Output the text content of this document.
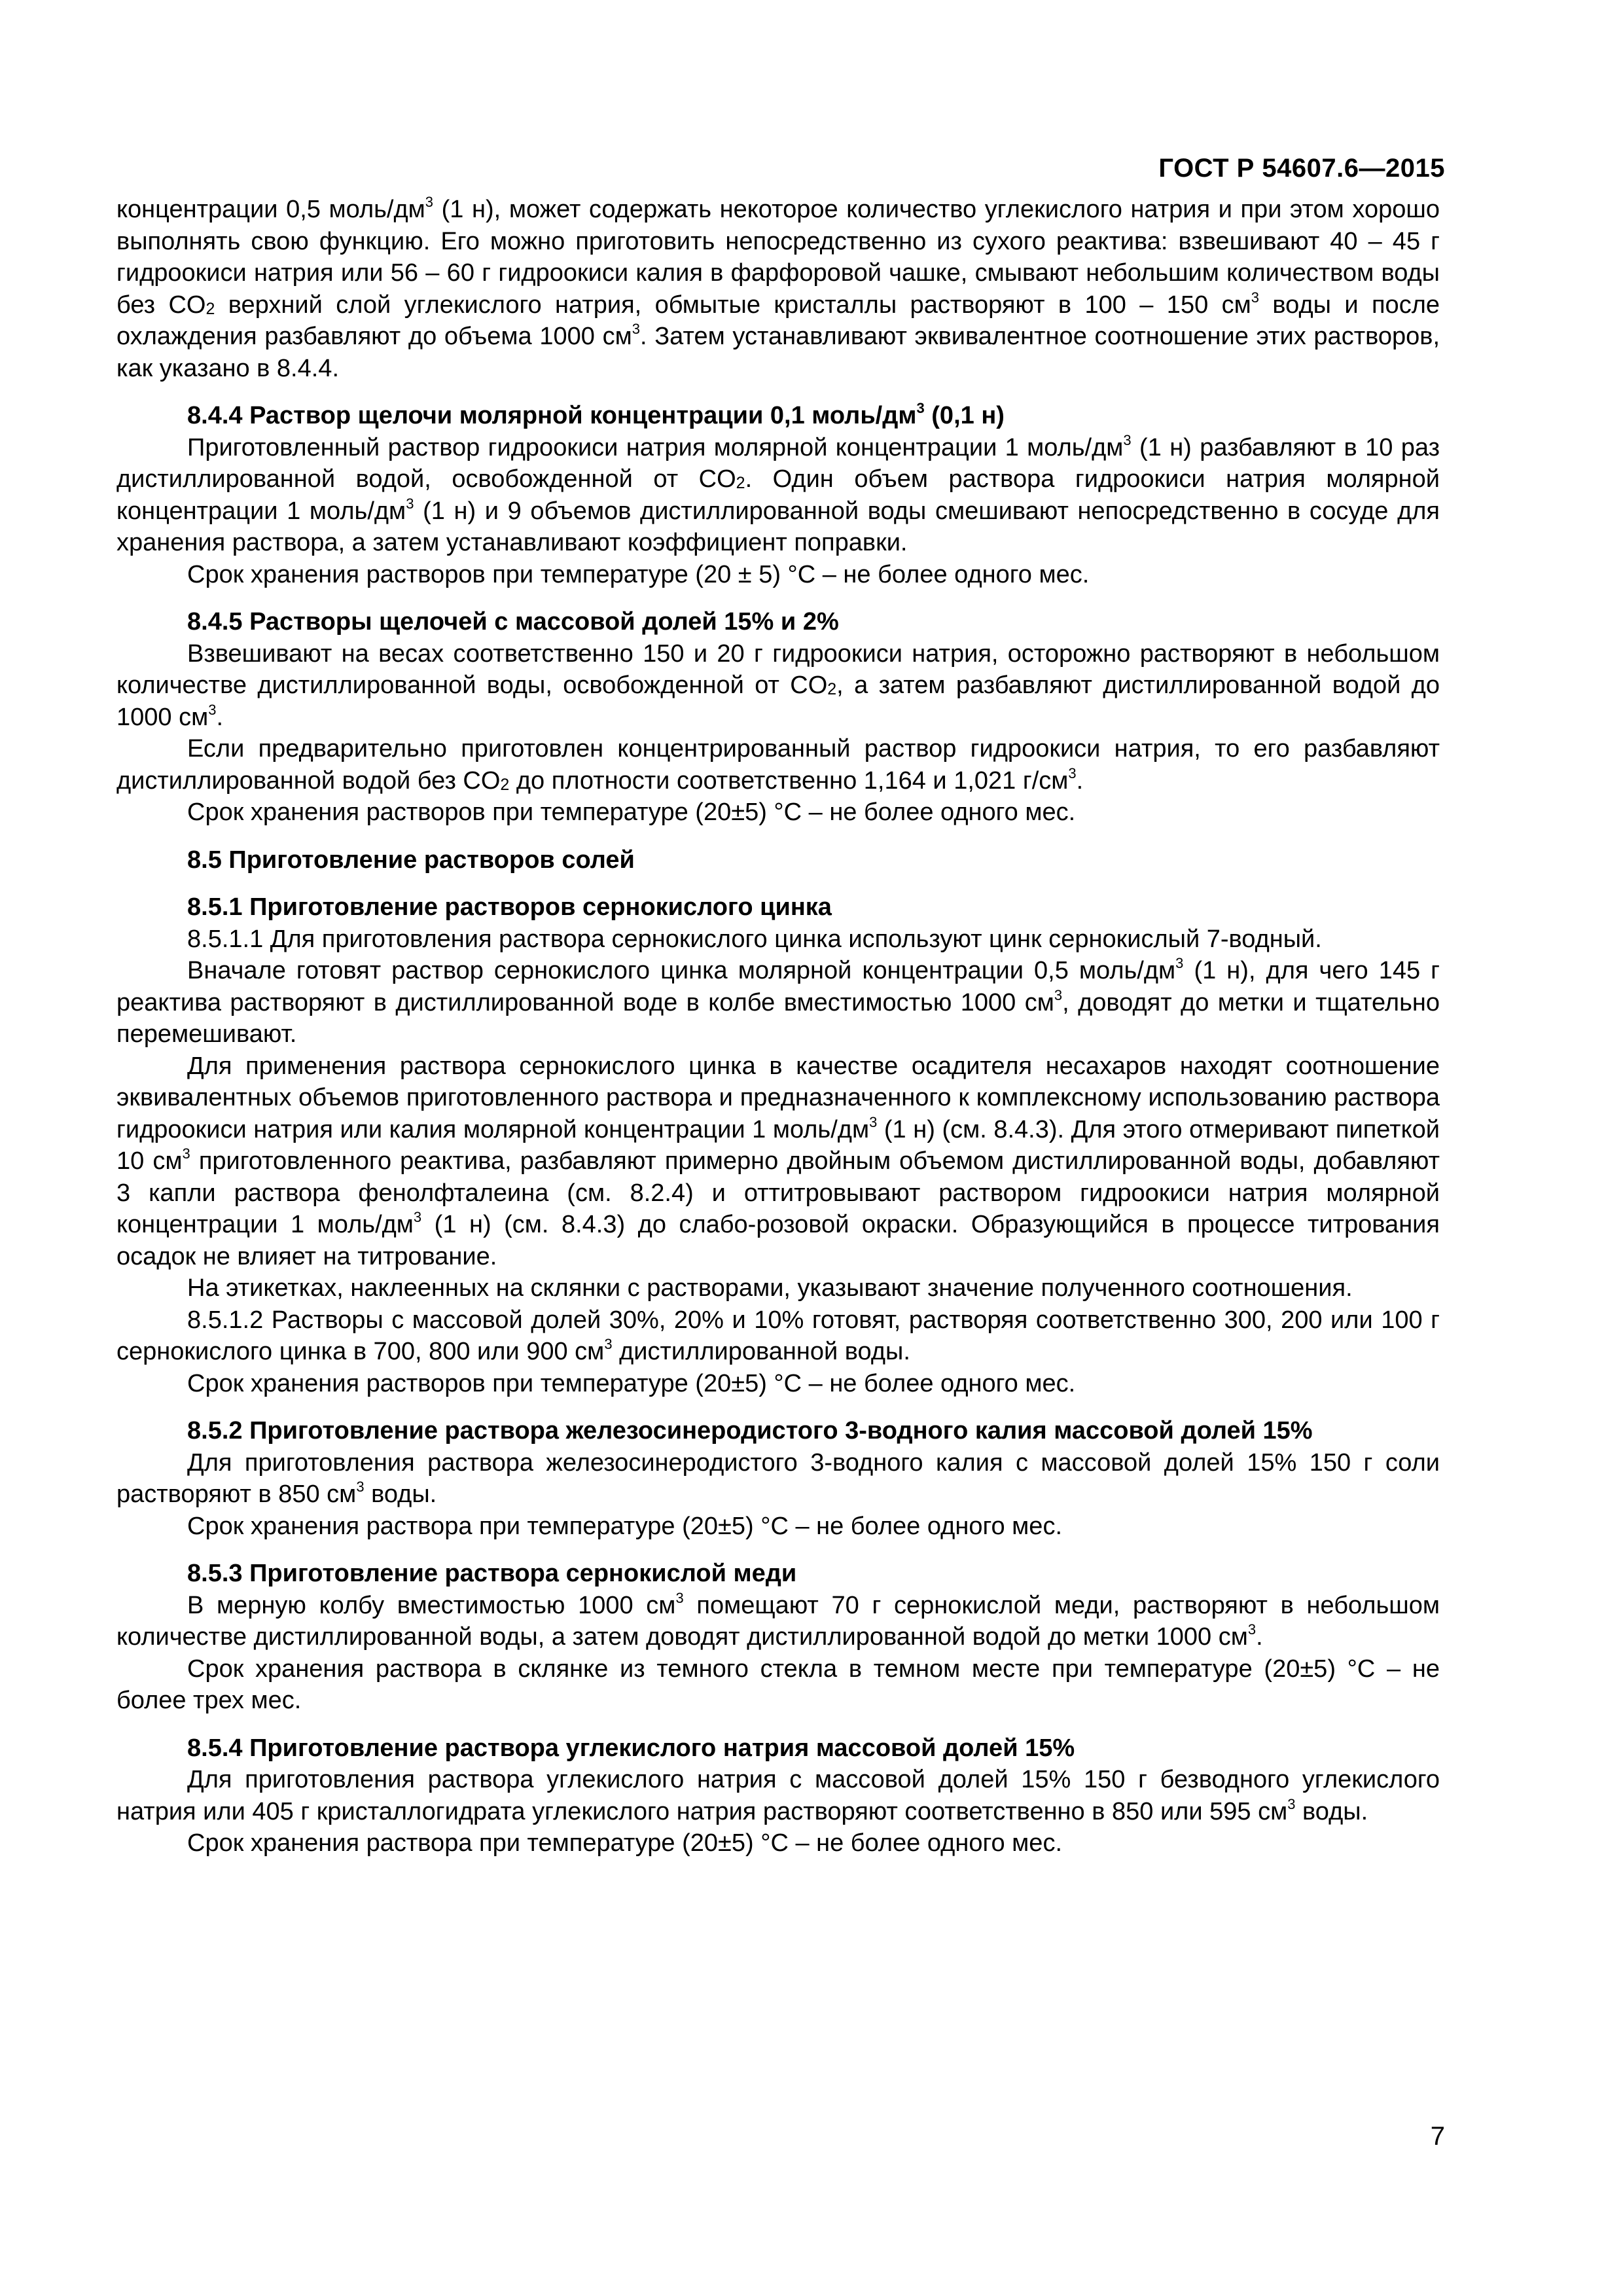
ГОСТ Р 54607.6—2015

концентрации 0,5 моль/$дм^3$ (1 н), может содержать некоторое количество углекислого натрия и при этом хорошо выполнять свою функцию. Его можно приготовить непосредственно из сухого реактива: взвешивают 40 – 45 г гидроокиси натрия или 56 – 60 г гидроокиси калия в фарфоровой чашке, смывают небольшим количеством воды без $CO_2$ верхний слой углекислого натрия, обмытые кристаллы растворяют в 100 – 150 $см^3$ воды и после охлаждения разбавляют до объема 1000 $см^3$. Затем устанавливают эквивалентное соотношение этих растворов, как указано в 8.4.4.

8.4.4 Раствор щелочи молярной концентрации 0,1 моль/$дм^3$ (0,1 н)

Приготовленный раствор гидроокиси натрия молярной концентрации 1 моль/$дм^3$ (1 н) разбавляют в 10 раз дистиллированной водой, освобожденной от $CO_2$. Один объем раствора гидроокиси натрия молярной концентрации 1 моль/$дм^3$ (1 н) и 9 объемов дистиллированной воды смешивают непосредственно в сосуде для хранения раствора, а затем устанавливают коэффициент поправки.

Срок хранения растворов при температуре (20 ± 5) °С – не более одного мес.

8.4.5 Растворы щелочей с массовой долей 15% и 2%

Взвешивают на весах соответственно 150 и 20 г гидроокиси натрия, осторожно растворяют в небольшом количестве дистиллированной воды, освобожденной от $CO_2$, а затем разбавляют дистиллированной водой до 1000 $см^3$.

Если предварительно приготовлен концентрированный раствор гидроокиси натрия, то его разбавляют дистиллированной водой без $CO_2$ до плотности соответственно 1,164 и 1,021 $г/см^3$.

Срок хранения растворов при температуре (20±5) °С – не более одного мес.

8.5 Приготовление растворов солей
8.5.1 Приготовление растворов сернокислого цинка

8.5.1.1 Для приготовления раствора сернокислого цинка используют цинк сернокислый 7-водный.

Вначале готовят раствор сернокислого цинка молярной концентрации 0,5 моль/$дм^3$ (1 н), для чего 145 г реактива растворяют в дистиллированной воде в колбе вместимостью 1000 $см^3$, доводят до метки и тщательно перемешивают.

Для применения раствора сернокислого цинка в качестве осадителя несахаров находят соотношение эквивалентных объемов приготовленного раствора и предназначенного к комплексному использованию раствора гидроокиси натрия или калия молярной концентрации 1 моль/$дм^3$ (1 н) (см. 8.4.3). Для этого отмеривают пипеткой 10 $см^3$ приготовленного реактива, разбавляют примерно двойным объемом дистиллированной воды, добавляют 3 капли раствора фенолфталеина (см. 8.2.4) и оттитровывают раствором гидроокиси натрия молярной концентрации 1 моль/$дм^3$ (1 н) (см. 8.4.3) до слабо-розовой окраски. Образующийся в процессе титрования осадок не влияет на титрование.

На этикетках, наклеенных на склянки с растворами, указывают значение полученного соотношения.

8.5.1.2 Растворы с массовой долей 30%, 20% и 10% готовят, растворяя соответственно 300, 200 или 100 г сернокислого цинка в 700, 800 или 900 $см^3$ дистиллированной воды.

Срок хранения растворов при температуре (20±5) °С – не более одного мес.

8.5.2 Приготовление раствора железосинеродистого 3-водного калия массовой долей 15%

Для приготовления раствора железосинеродистого 3-водного калия с массовой долей 15% 150 г соли растворяют в 850 $см^3$ воды.

Срок хранения раствора при температуре (20±5) °С – не более одного мес.

8.5.3 Приготовление раствора сернокислой меди

В мерную колбу вместимостью 1000 $см^3$ помещают 70 г сернокислой меди, растворяют в небольшом количестве дистиллированной воды, а затем доводят дистиллированной водой до метки 1000 $см^3$.

Срок хранения раствора в склянке из темного стекла в темном месте при температуре (20±5) °С – не более трех мес.

8.5.4 Приготовление раствора углекислого натрия массовой долей 15%

Для приготовления раствора углекислого натрия с массовой долей 15% 150 г безводного углекислого натрия или 405 г кристаллогидрата углекислого натрия растворяют соответственно в 850 или 595 $см^3$ воды.

Срок хранения раствора при температуре (20±5) °С – не более одного мес.

7
